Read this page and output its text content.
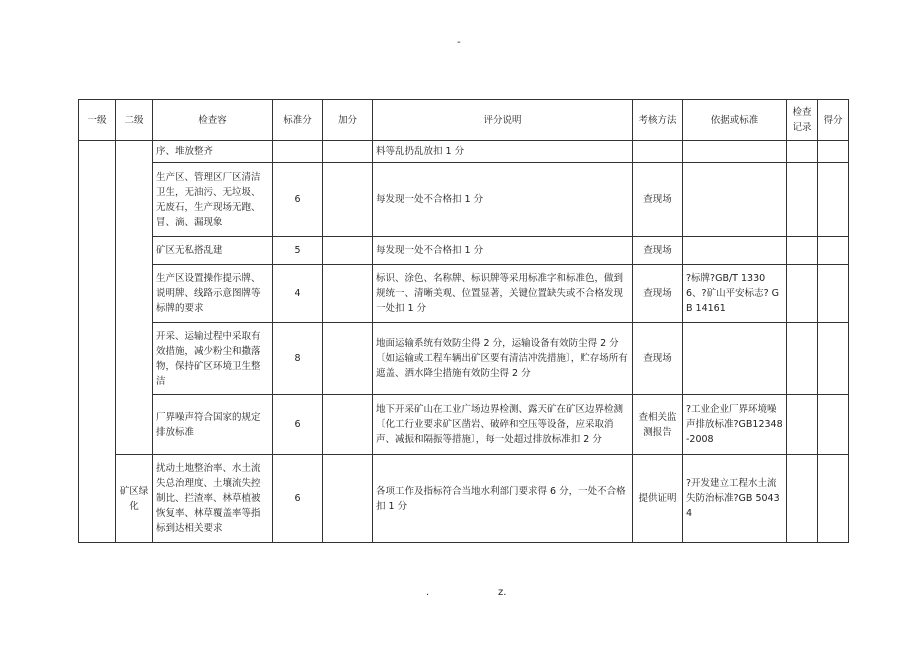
-
一级	二级	检查容	标准分	加分	评分说明	考核方法	依据或标准	检查记录	得分
		序、堆放整齐			料等乱扔乱放扣 1 分				
		生产区、管理区厂区清洁卫生，无油污、无垃圾、无废石，生产现场无跑、冒、滴、漏现象	6		每发现一处不合格扣 1 分	查现场			
		矿区无私搭乱建	5		每发现一处不合格扣 1 分	查现场			
		生产区设置操作提示牌、说明牌、线路示意图牌等标牌的要求	4		标识、涂色、名称牌、标识牌等采用标准字和标准色，做到规统一、清晰美观、位置显著，关键位置缺失或不合格发现一处扣 1 分	查现场	?标牌?GB/T 13306、?矿山平安标志? GB 14161		
		开采、运输过程中采取有效措施，减少粉尘和撒落物，保持矿区环境卫生整洁	8		地面运输系统有效防尘得 2 分，运输设备有效防尘得 2 分〔如运输或工程车辆出矿区要有清洁冲洗措施〕，贮存场所有遮盖、洒水降尘措施有效防尘得 2 分	查现场			
		厂界噪声符合国家的规定排放标准	6		地下开采矿山在工业广场边界检测、露天矿在矿区边界检测〔化工行业要求矿区凿岩、破碎和空压等设备，应采取消声、减振和隔振等措施〕，每一处超过排放标准扣 2 分	查相关监测报告	?工业企业厂界环境噪声排放标准?GB12348-2008		
	矿区绿化	扰动土地整治率、水土流失总治理度、土壤流失控制比、拦渣率、林草植被恢复率、林草覆盖率等指标到达相关要求	6		各项工作及指标符合当地水利部门要求得 6 分，一处不合格扣 1 分	提供证明	?开发建立工程水土流失防治标准?GB 50434		
.	z.
